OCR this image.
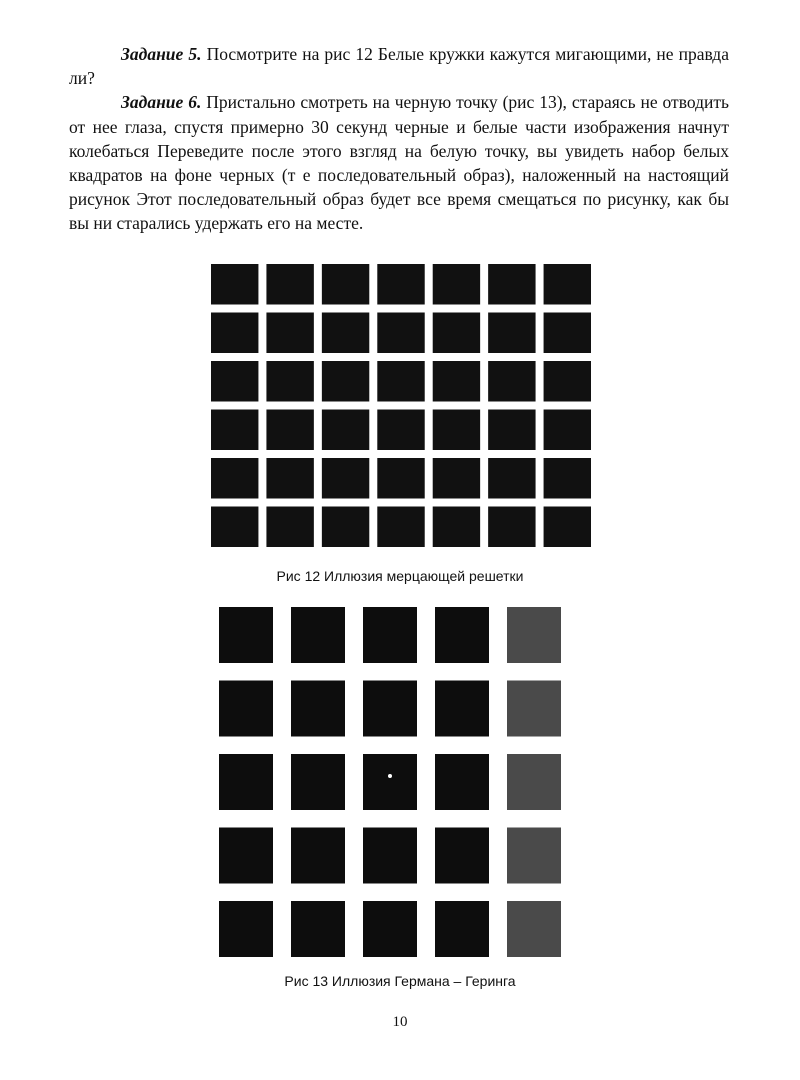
Задание 5. Посмотрите на рис 12 Белые кружки кажутся мигающими, не правда ли?

Задание 6. Пристально смотреть на черную точку (рис 13), стараясь не отводить от нее глаза, спустя примерно 30 секунд черные и белые части изображения начнут колебаться Переведите после этого взгляд на белую точку, вы увидеть набор белых квадратов на фоне черных (т е последовательный образ), наложенный на настоящий рисунок Этот последовательный образ будет все время смещаться по рисунку, как бы вы ни старались удержать его на месте.

Рис 12 Иллюзия мерцающей решетки
Рис 13 Иллюзия Германа – Геринга
10
